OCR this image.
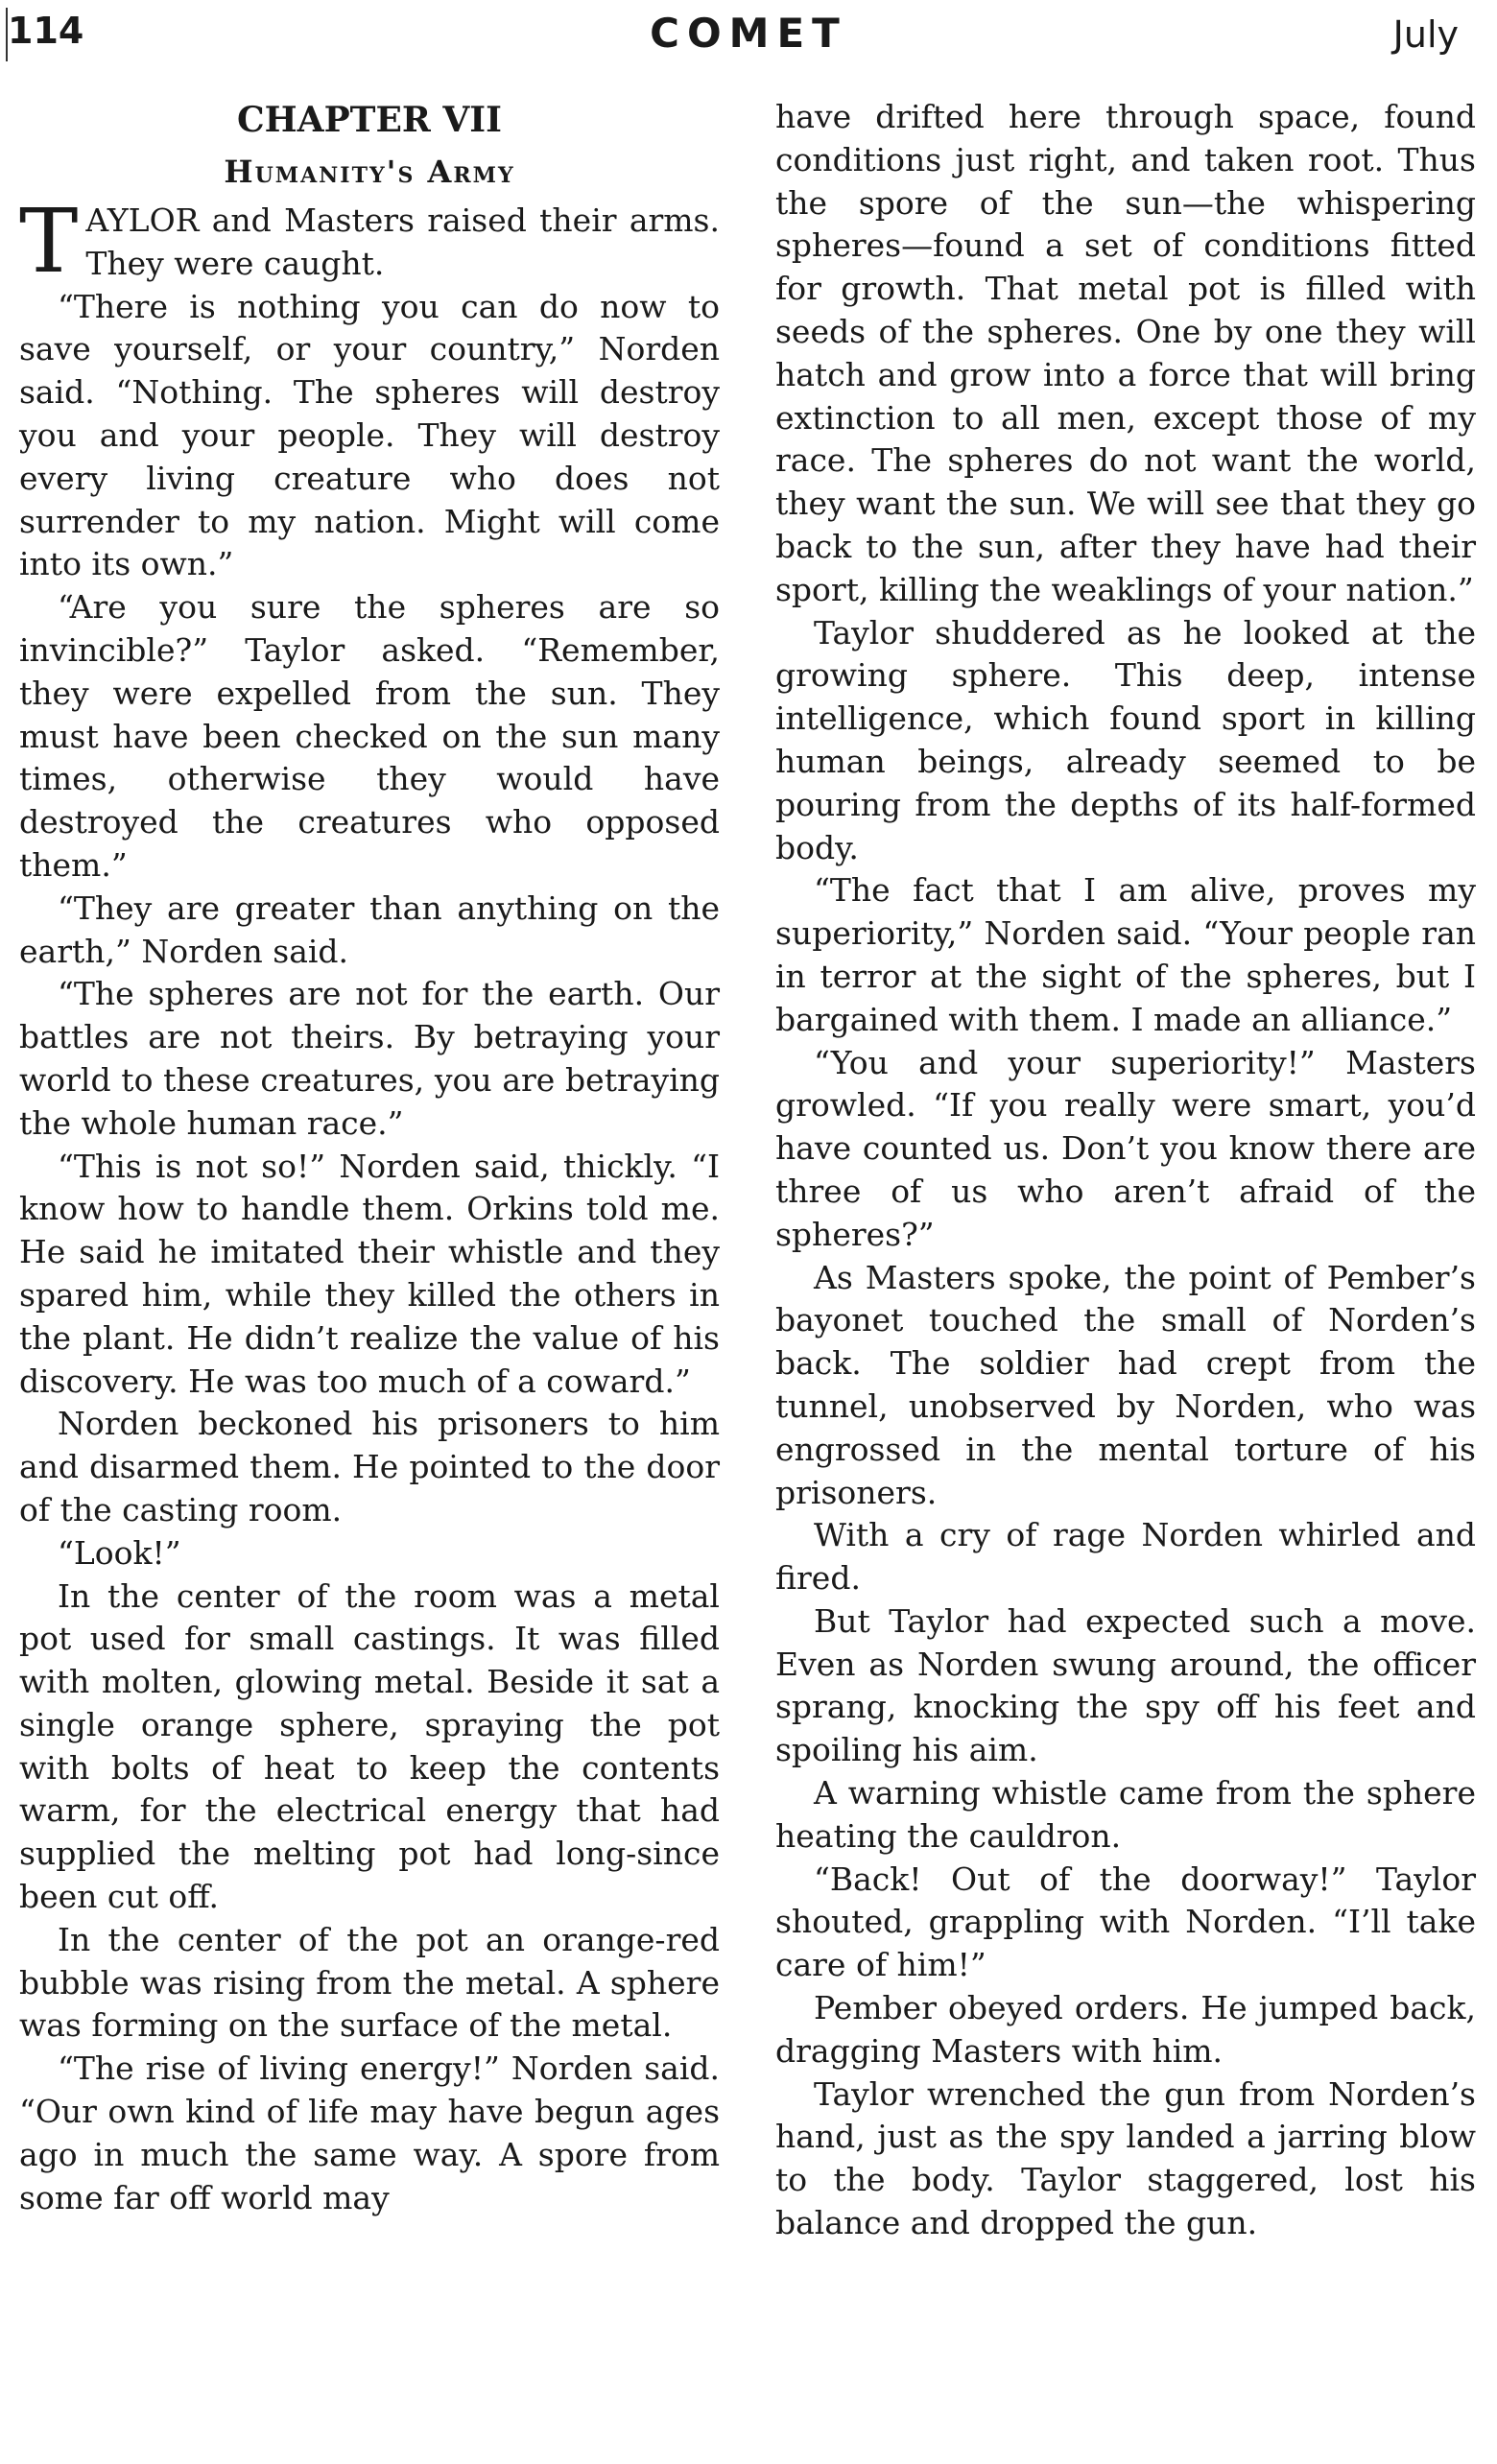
114	COMET	July
CHAPTER VII
Humanity's Army

TAYLOR and Masters raised their arms. They were caught.

“There is nothing you can do now to save yourself, or your country,” Norden said. “Nothing. The spheres will destroy you and your people. They will destroy every living creature who does not surrender to my nation. Might will come into its own.”

“Are you sure the spheres are so invincible?” Taylor asked. “Remember, they were expelled from the sun. They must have been checked on the sun many times, otherwise they would have destroyed the creatures who opposed them.”

“They are greater than anything on the earth,” Norden said.

“The spheres are not for the earth. Our battles are not theirs. By betraying your world to these creatures, you are betraying the whole human race.”

“This is not so!” Norden said, thickly. “I know how to handle them. Orkins told me. He said he imitated their whistle and they spared him, while they killed the others in the plant. He didn’t realize the value of his discovery. He was too much of a coward.”

Norden beckoned his prisoners to him and disarmed them. He pointed to the door of the casting room.

“Look!”

In the center of the room was a metal pot used for small castings. It was filled with molten, glowing metal. Beside it sat a single orange sphere, spraying the pot with bolts of heat to keep the contents warm, for the electrical energy that had supplied the melting pot had long-since been cut off.

In the center of the pot an orange-red bubble was rising from the metal. A sphere was forming on the surface of the metal.

“The rise of living energy!” Norden said. “Our own kind of life may have begun ages ago in much the same way. A spore from some far off world may

have drifted here through space, found conditions just right, and taken root. Thus the spore of the sun—the whispering spheres—found a set of conditions fitted for growth. That metal pot is filled with seeds of the spheres. One by one they will hatch and grow into a force that will bring extinction to all men, except those of my race. The spheres do not want the world, they want the sun. We will see that they go back to the sun, after they have had their sport, killing the weaklings of your nation.”

Taylor shuddered as he looked at the growing sphere. This deep, intense intelligence, which found sport in killing human beings, already seemed to be pouring from the depths of its half-formed body.

“The fact that I am alive, proves my superiority,” Norden said. “Your people ran in terror at the sight of the spheres, but I bargained with them. I made an alliance.”

“You and your superiority!” Masters growled. “If you really were smart, you’d have counted us. Don’t you know there are three of us who aren’t afraid of the spheres?”

As Masters spoke, the point of Pember’s bayonet touched the small of Norden’s back. The soldier had crept from the tunnel, unobserved by Norden, who was engrossed in the mental torture of his prisoners.

With a cry of rage Norden whirled and fired.

But Taylor had expected such a move. Even as Norden swung around, the officer sprang, knocking the spy off his feet and spoiling his aim.

A warning whistle came from the sphere heating the cauldron.

“Back! Out of the doorway!” Taylor shouted, grappling with Norden. “I’ll take care of him!”

Pember obeyed orders. He jumped back, dragging Masters with him.

Taylor wrenched the gun from Norden’s hand, just as the spy landed a jarring blow to the body. Taylor staggered, lost his balance and dropped the gun.
